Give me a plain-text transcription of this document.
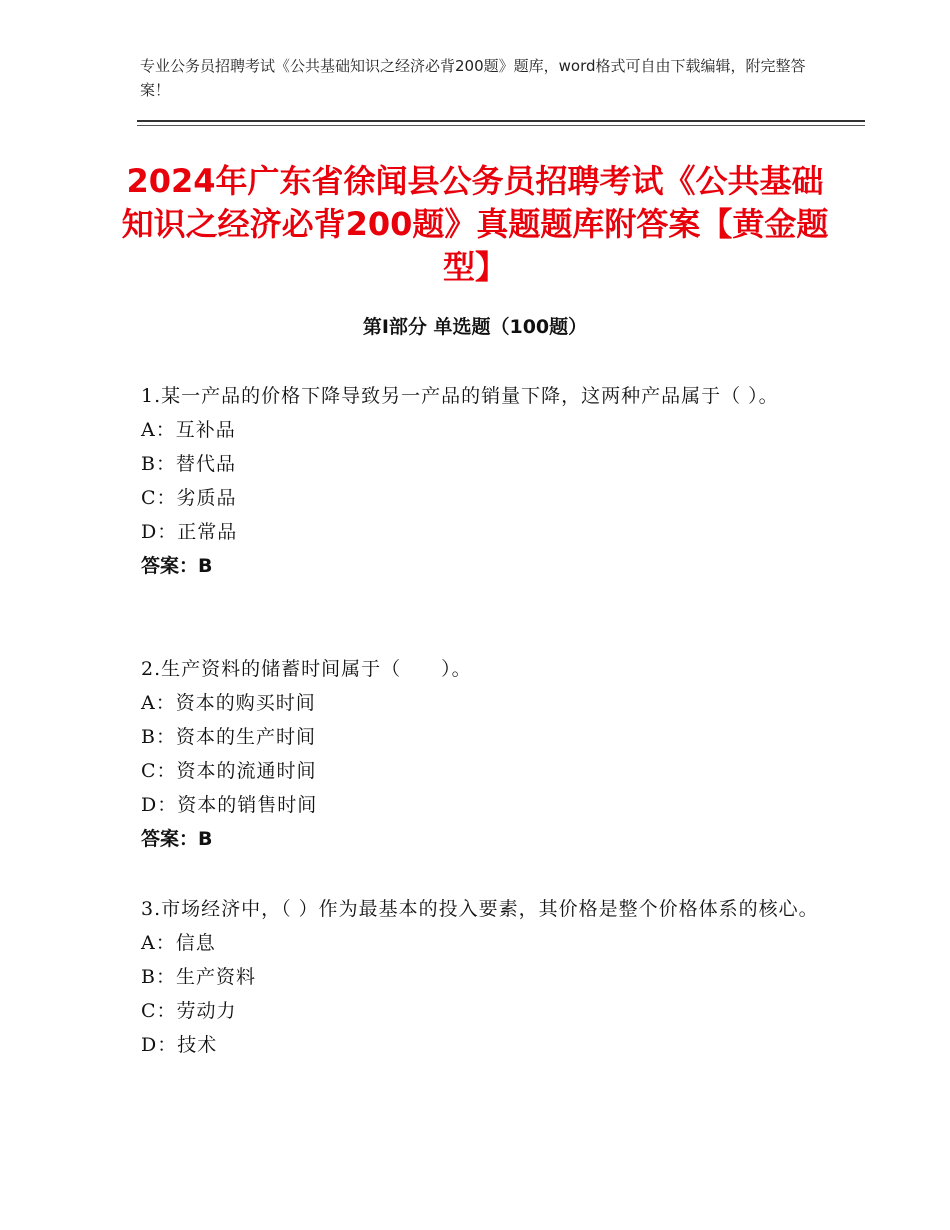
专业公务员招聘考试《公共基础知识之经济必背200题》题库，word格式可自由下载编辑，附完整答案！
2024年广东省徐闻县公务员招聘考试《公共基础知识之经济必背200题》真题题库附答案【黄金题型】
第Ⅰ部分 单选题（100题）

1.某一产品的价格下降导致另一产品的销量下降，这两种产品属于（ ）。

A：互补品

B：替代品

C：劣质品

D：正常品

答案：B

2.生产资料的储蓄时间属于（　　）。

A：资本的购买时间

B：资本的生产时间

C：资本的流通时间

D：资本的销售时间

答案：B

3.市场经济中，（ ）作为最基本的投入要素，其价格是整个价格体系的核心。

A：信息

B：生产资料

C：劳动力

D：技术
